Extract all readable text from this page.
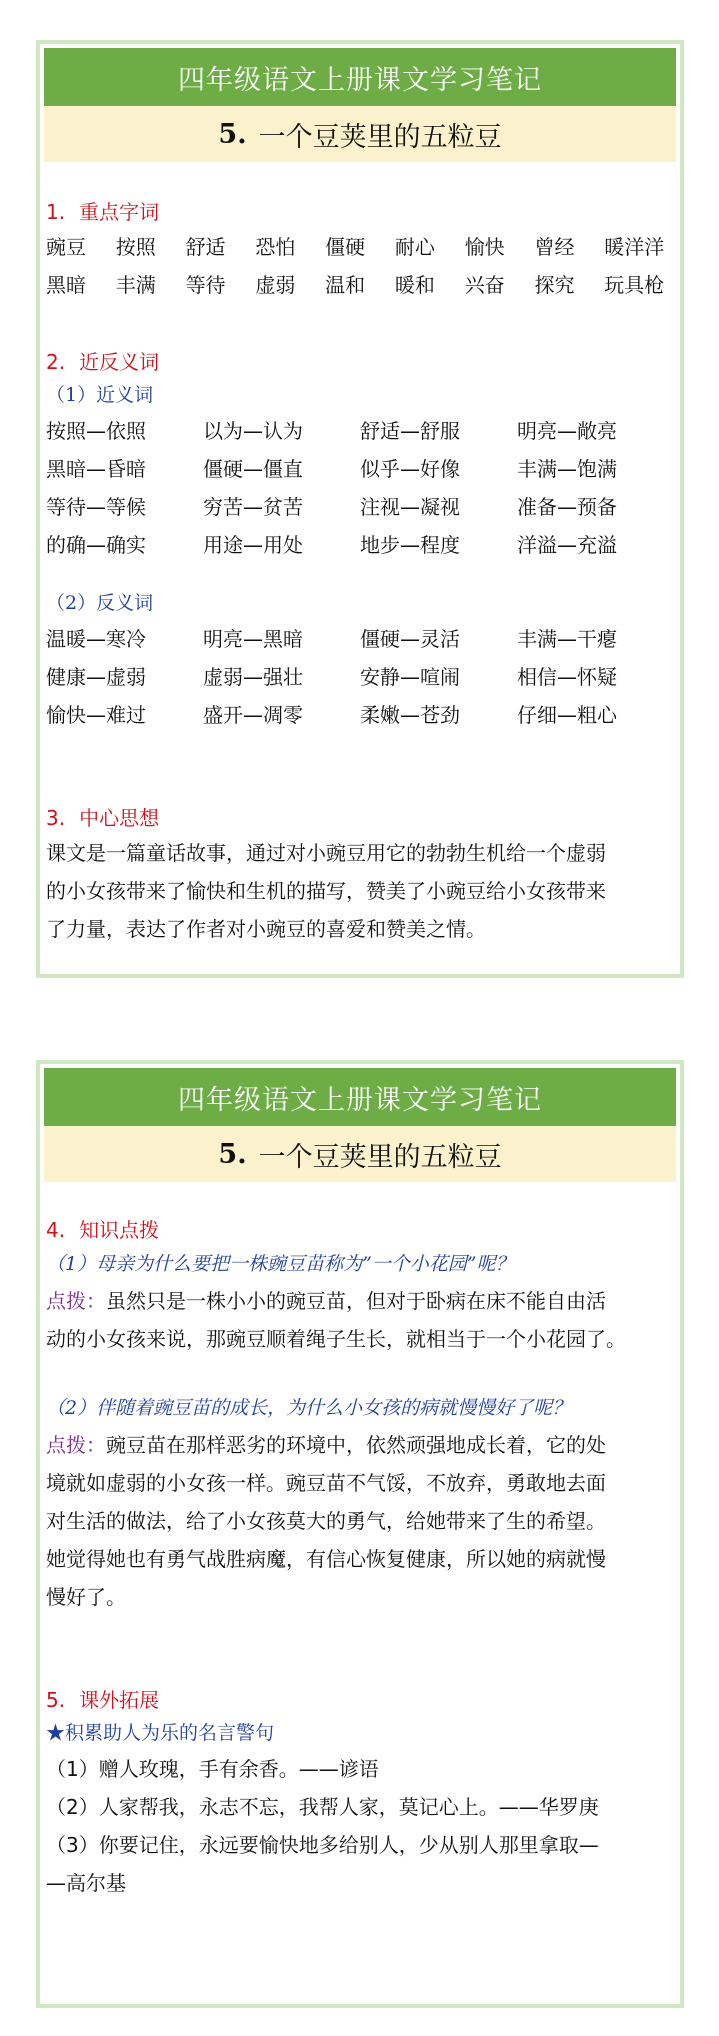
四年级语文上册课文学习笔记
5. 一个豆荚里的五粒豆
1. 重点字词
豌豆	按照	舒适	恐怕	僵硬	耐心	愉快	曾经	暖洋洋
黑暗	丰满	等待	虚弱	温和	暖和	兴奋	探究	玩具枪
2. 近反义词
（1）近义词
按照—依照	以为—认为	舒适—舒服	明亮—敞亮
黑暗—昏暗	僵硬—僵直	似乎—好像	丰满—饱满
等待—等候	穷苦—贫苦	注视—凝视	准备—预备
的确—确实	用途—用处	地步—程度	洋溢—充溢
（2）反义词
温暖—寒冷	明亮—黑暗	僵硬—灵活	丰满—干瘪
健康—虚弱	虚弱—强壮	安静—喧闹	相信—怀疑
愉快—难过	盛开—凋零	柔嫩—苍劲	仔细—粗心
3. 中心思想
课文是一篇童话故事，通过对小豌豆用它的勃勃生机给一个虚弱
的小女孩带来了愉快和生机的描写，赞美了小豌豆给小女孩带来
了力量，表达了作者对小豌豆的喜爱和赞美之情。
四年级语文上册课文学习笔记
5. 一个豆荚里的五粒豆
4. 知识点拨
（1）母亲为什么要把一株豌豆苗称为”一个小花园”呢？
点拨：虽然只是一株小小的豌豆苗，但对于卧病在床不能自由活
动的小女孩来说，那豌豆顺着绳子生长，就相当于一个小花园了。
（2）伴随着豌豆苗的成长，为什么小女孩的病就慢慢好了呢？
点拨：豌豆苗在那样恶劣的环境中，依然顽强地成长着，它的处
境就如虚弱的小女孩一样。豌豆苗不气馁，不放弃，勇敢地去面
对生活的做法，给了小女孩莫大的勇气，给她带来了生的希望。
她觉得她也有勇气战胜病魔，有信心恢复健康，所以她的病就慢
慢好了。
5. 课外拓展
★积累助人为乐的名言警句
（1）赠人玫瑰，手有余香。——谚语
（2）人家帮我，永志不忘，我帮人家，莫记心上。——华罗庚
（3）你要记住，永远要愉快地多给别人，少从别人那里拿取—
—高尔基
